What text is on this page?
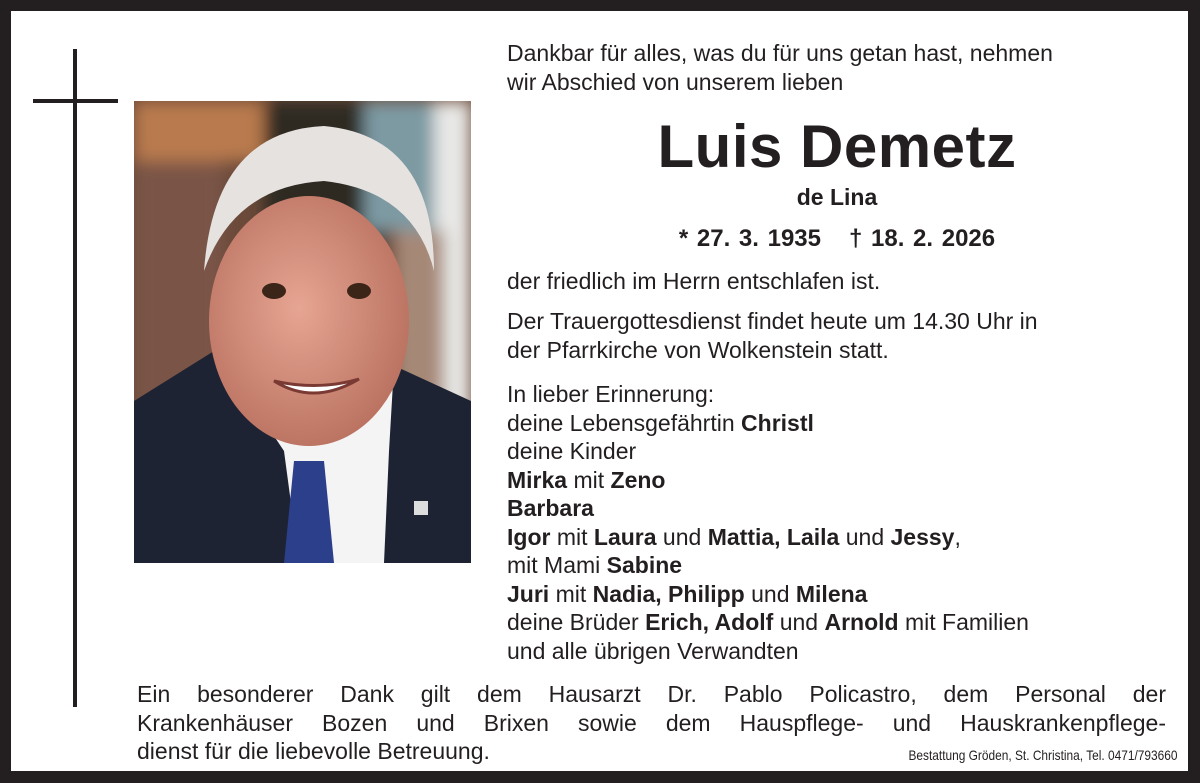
Dankbar für alles, was du für uns getan hast, nehmen
wir Abschied von unserem lieben
Luis Demetz
de Lina
* 27. 3. 1935 † 18. 2. 2026
der friedlich im Herrn entschlafen ist.
Der Trauergottesdienst findet heute um 14.30 Uhr in
der Pfarrkirche von Wolkenstein statt.
In lieber Erinnerung:
deine Lebensgefährtin Christl
deine Kinder
Mirka mit Zeno
Barbara
Igor mit Laura und Mattia, Laila und Jessy,
mit Mami Sabine
Juri mit Nadia, Philipp und Milena
deine Brüder Erich, Adolf und Arnold mit Familien
und alle übrigen Verwandten
Ein besonderer Dank gilt dem Hausarzt Dr. Pablo Policastro, dem Personal der
Krankenhäuser Bozen und Brixen sowie dem Hauspflege- und Hauskrankenpflege-
dienst für die liebevolle Betreuung.	Bestattung Gröden, St. Christina, Tel. 0471/793660
